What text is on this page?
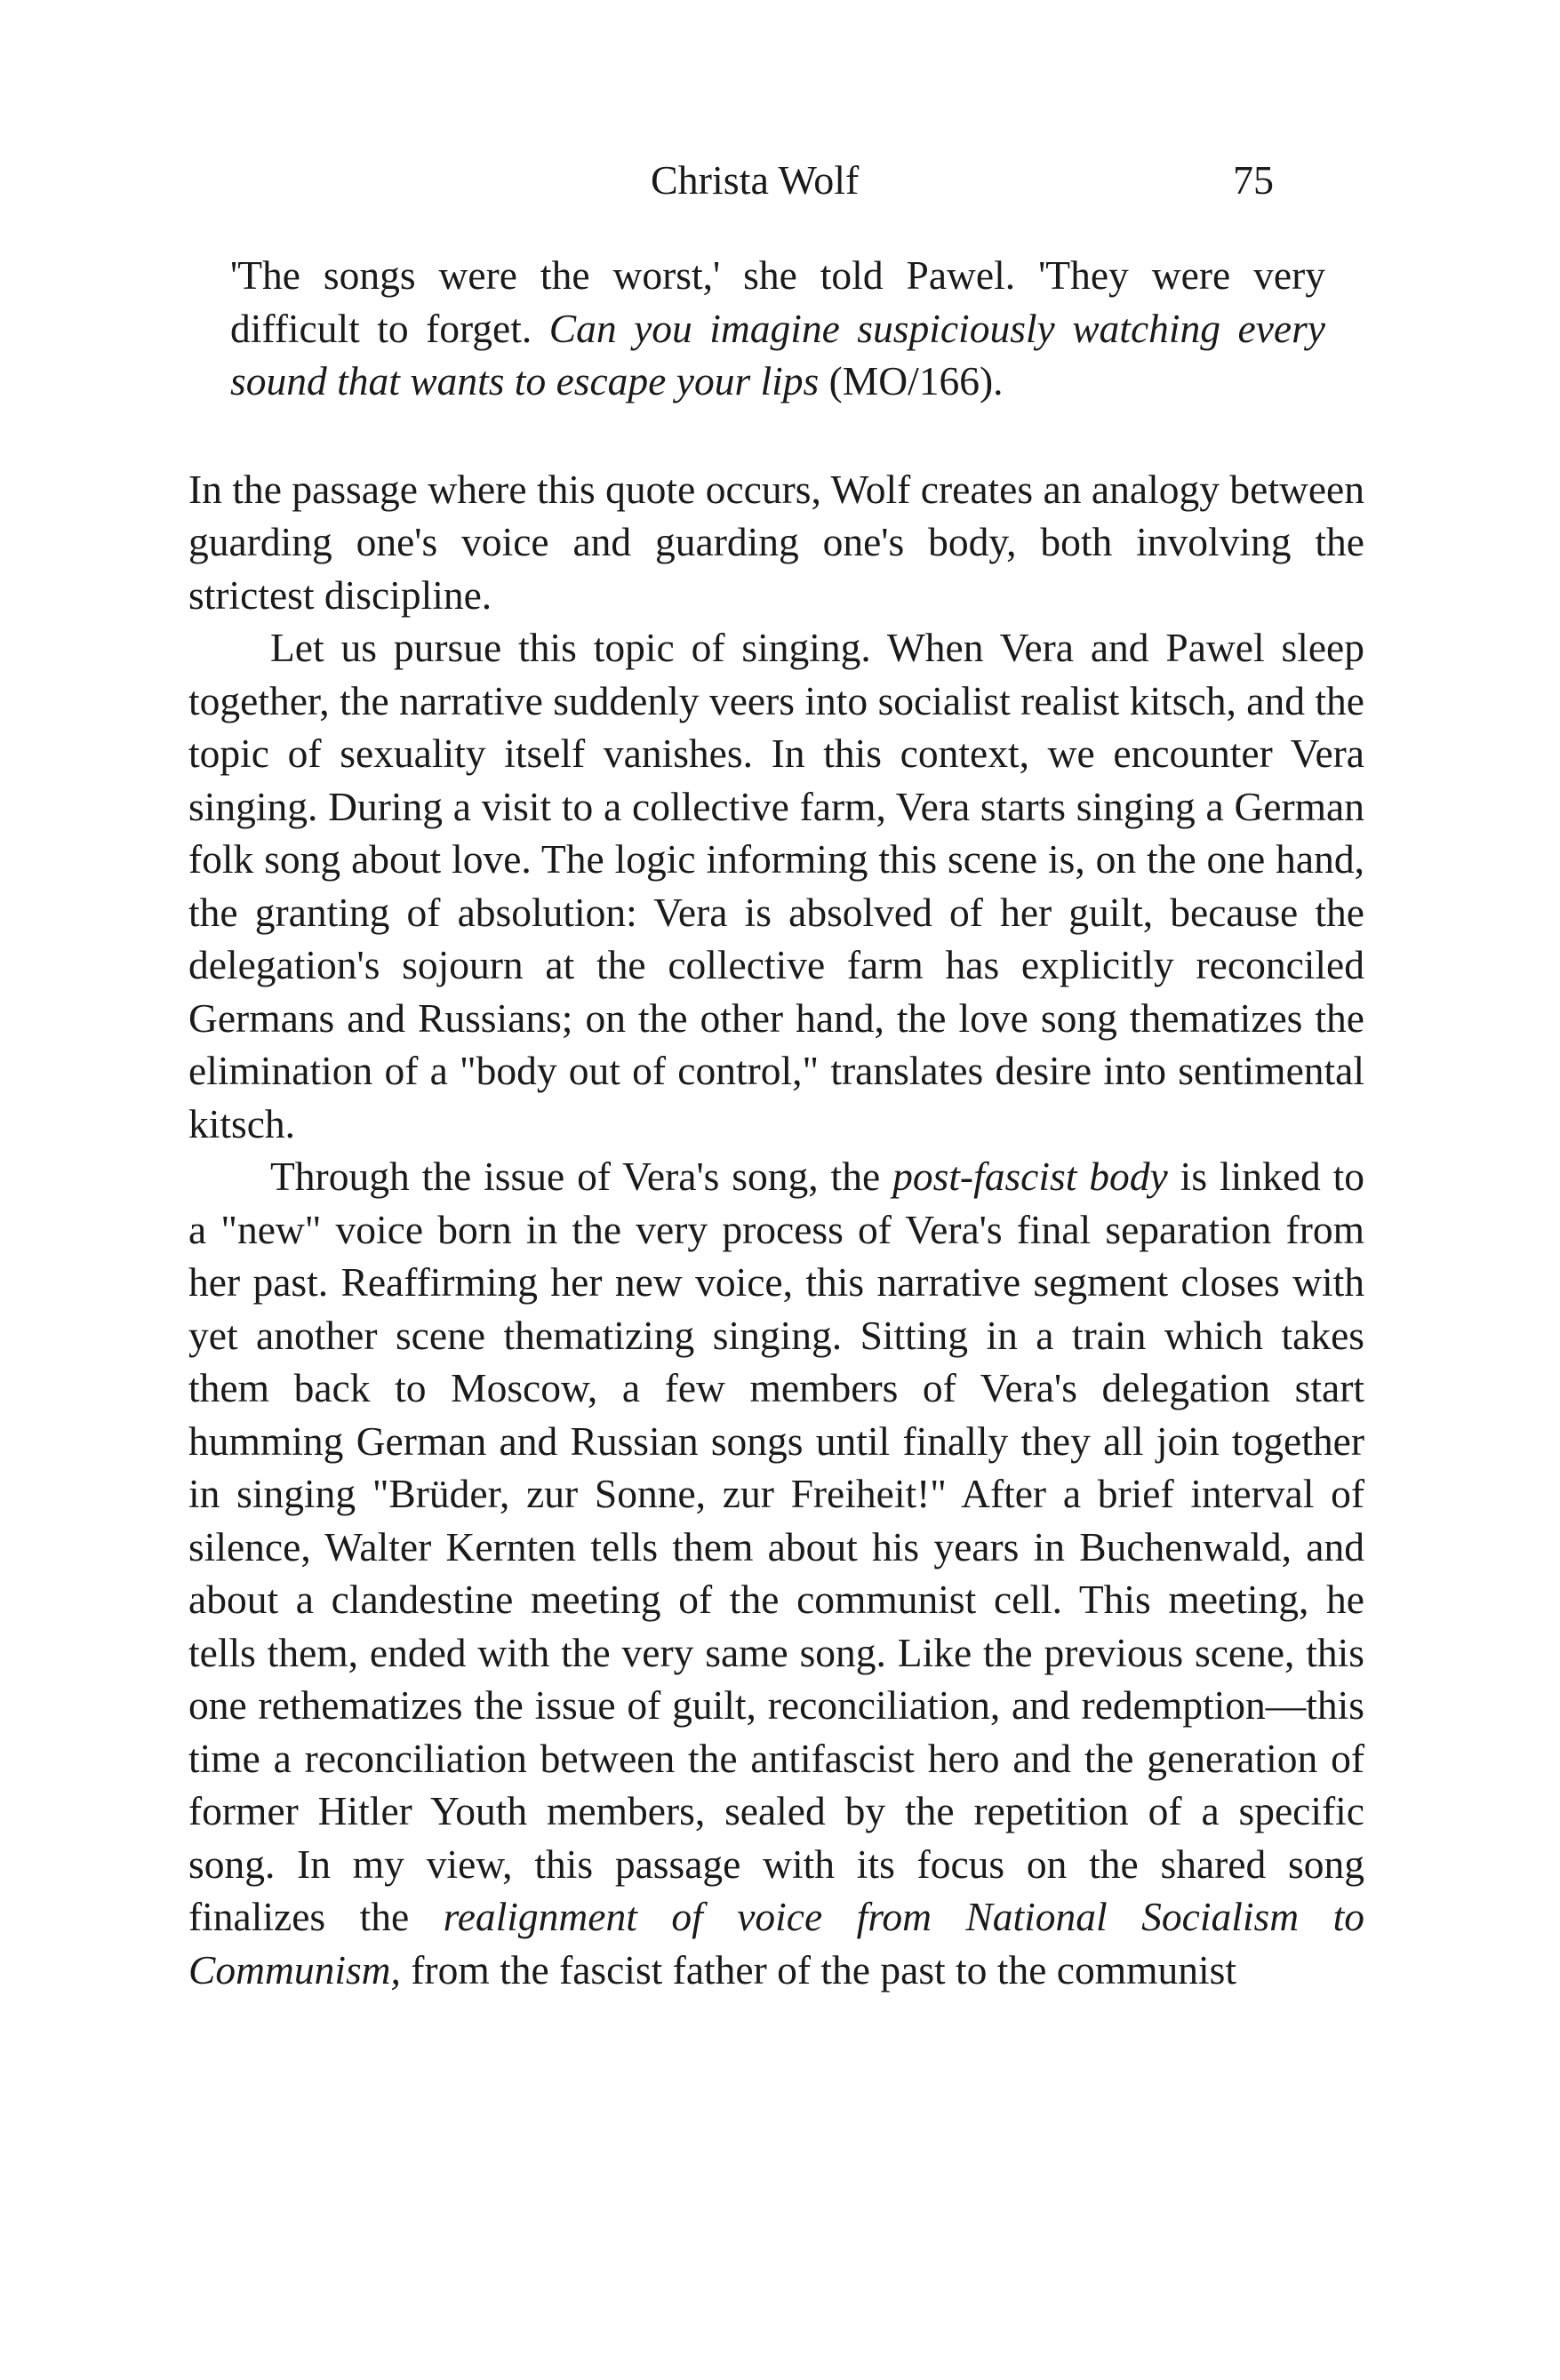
Christa Wolf	75

'The songs were the worst,' she told Pawel. 'They were very difficult to forget. Can you imagine suspiciously watching every sound that wants to escape your lips (MO/166).

In the passage where this quote occurs, Wolf creates an analogy between guarding one's voice and guarding one's body, both involving the strictest discipline.

Let us pursue this topic of singing. When Vera and Pawel sleep together, the narrative suddenly veers into socialist realist kitsch, and the topic of sexuality itself vanishes. In this context, we encounter Vera singing. During a visit to a collective farm, Vera starts singing a German folk song about love. The logic informing this scene is, on the one hand, the granting of absolution: Vera is absolved of her guilt, because the delegation's sojourn at the collective farm has explicitly reconciled Germans and Russians; on the other hand, the love song thematizes the elimination of a "body out of control," translates desire into sentimental kitsch.

Through the issue of Vera's song, the post-fascist body is linked to a "new" voice born in the very process of Vera's final separation from her past. Reaffirming her new voice, this narrative segment closes with yet another scene thematizing singing. Sitting in a train which takes them back to Moscow, a few members of Vera's delegation start humming German and Russian songs until finally they all join together in singing "Brüder, zur Sonne, zur Freiheit!" After a brief interval of silence, Walter Kernten tells them about his years in Buchenwald, and about a clandestine meeting of the communist cell. This meeting, he tells them, ended with the very same song. Like the previous scene, this one rethematizes the issue of guilt, reconciliation, and redemption—this time a reconciliation between the antifascist hero and the generation of former Hitler Youth members, sealed by the repetition of a specific song. In my view, this passage with its focus on the shared song finalizes the realignment of voice from National Socialism to Communism, from the fascist father of the past to the communist
